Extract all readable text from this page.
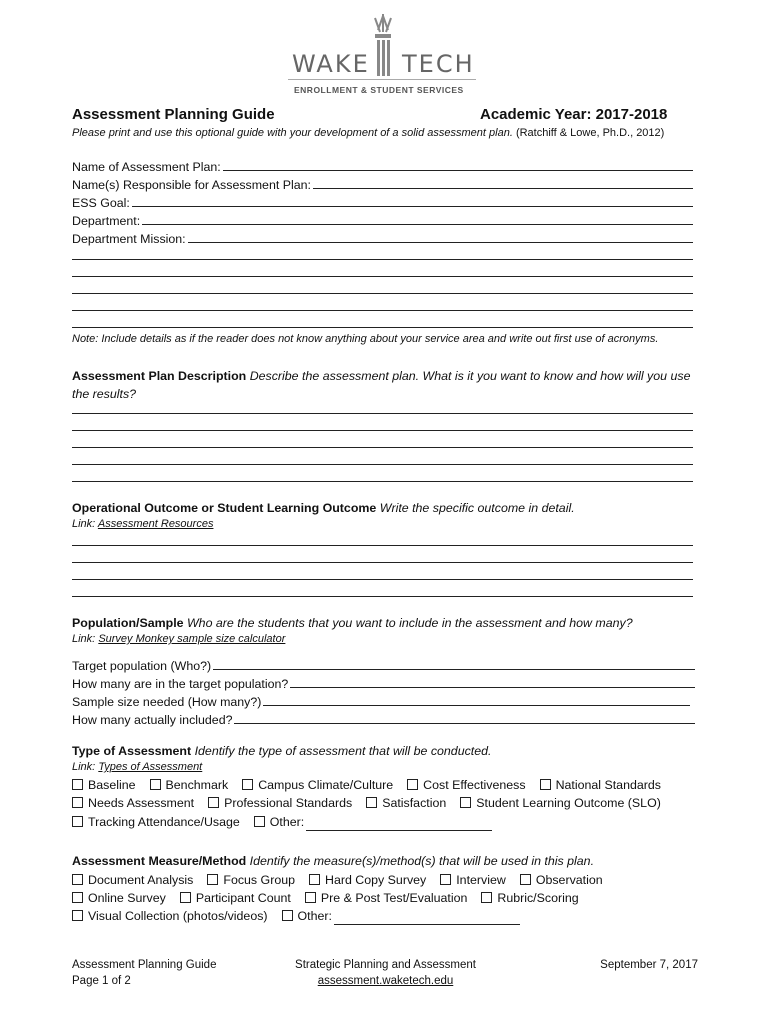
WAKE TECH
ENROLLMENT & STUDENT SERVICES
Assessment Planning Guide	Academic Year: 2017-2018
Please print and use this optional guide with your development of a solid assessment plan. (Ratchiff & Lowe, Ph.D., 2012)
Name of Assessment Plan:
Name(s) Responsible for Assessment Plan:
ESS Goal:
Department:
Department Mission:
Note: Include details as if the reader does not know anything about your service area and write out first use of acronyms.
Assessment Plan Description Describe the assessment plan. What is it you want to know and how will you use the results?
Operational Outcome or Student Learning Outcome Write the specific outcome in detail.
Link: Assessment Resources
Population/Sample Who are the students that you want to include in the assessment and how many?
Link: Survey Monkey sample size calculator
Target population (Who?)
How many are in the target population?
Sample size needed (How many?)
How many actually included?
Type of Assessment Identify the type of assessment that will be conducted.
Link: Types of Assessment
Baseline Benchmark Campus Climate/Culture Cost Effectiveness National Standards
Needs Assessment Professional Standards Satisfaction Student Learning Outcome (SLO)
Tracking Attendance/Usage Other:
Assessment Measure/Method Identify the measure(s)/method(s) that will be used in this plan.
Document Analysis Focus Group Hard Copy Survey Interview Observation
Online Survey Participant Count Pre & Post Test/Evaluation Rubric/Scoring
Visual Collection (photos/videos) Other:
Assessment Planning Guide
Page 1 of 2
Strategic Planning and Assessment
assessment.waketech.edu
September 7, 2017
